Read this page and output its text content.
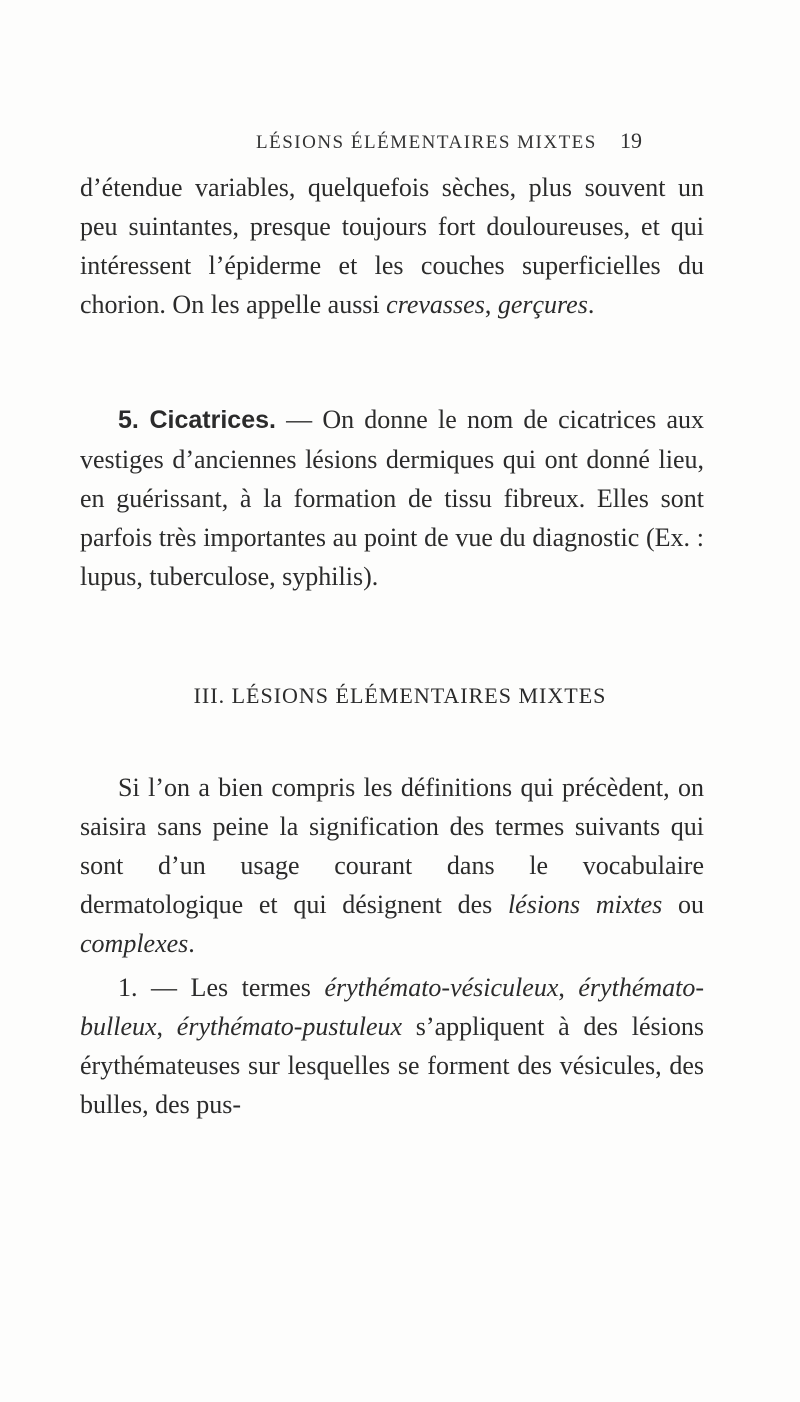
LÉSIONS ÉLÉMENTAIRES MIXTES 19

d’étendue variables, quelquefois sèches, plus souvent un peu suintantes, presque toujours fort douloureuses, et qui intéressent l’épiderme et les couches superficielles du chorion. On les appelle aussi crevasses, gerçures.

5. Cicatrices. — On donne le nom de cicatrices aux vestiges d’anciennes lésions dermiques qui ont donné lieu, en guérissant, à la formation de tissu fibreux. Elles sont parfois très importantes au point de vue du diagnostic (Ex. : lupus, tuberculose, syphilis).

III. LÉSIONS ÉLÉMENTAIRES MIXTES

Si l’on a bien compris les définitions qui précèdent, on saisira sans peine la signification des termes suivants qui sont d’un usage courant dans le vocabulaire dermatologique et qui désignent des lésions mixtes ou complexes.

1. — Les termes érythémato-vésiculeux, érythémato-bulleux, érythémato-pustuleux s’appliquent à des lésions érythémateuses sur lesquelles se forment des vésicules, des bulles, des pus-
